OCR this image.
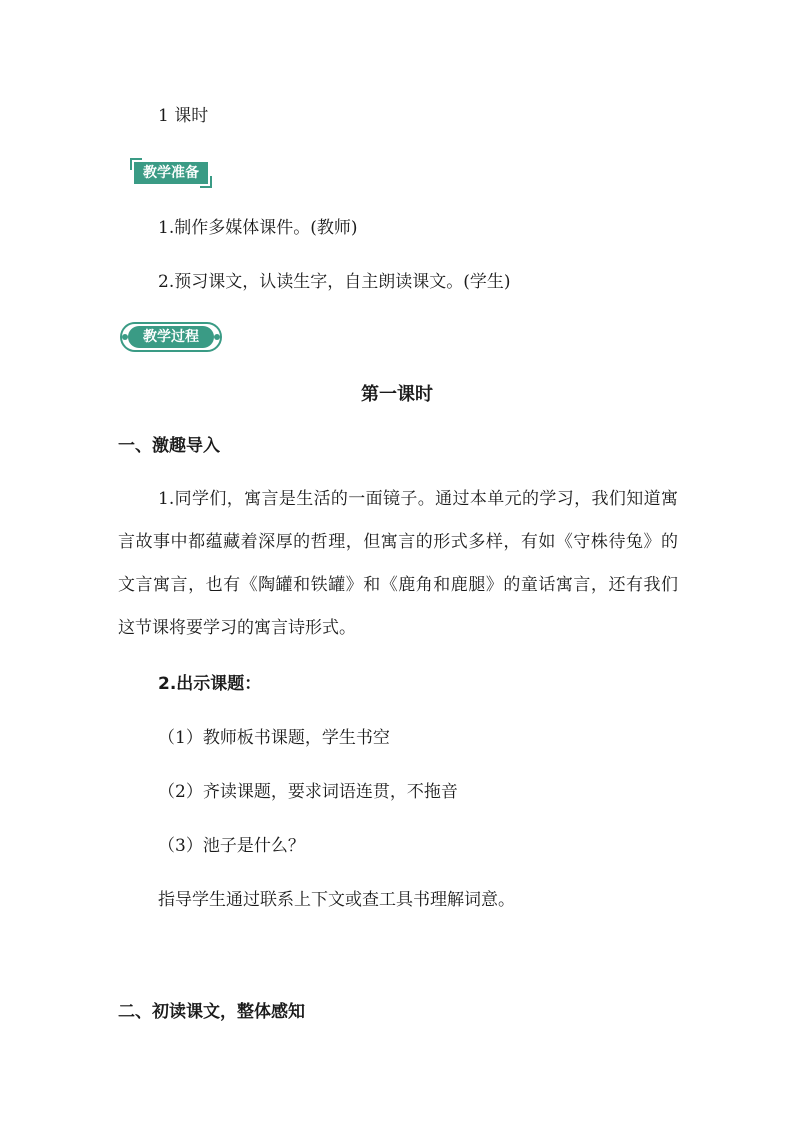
1 课时
教学准备
1.制作多媒体课件。(教师)
2.预习课文，认读生字，自主朗读课文。(学生)
教学过程
第一课时
一、激趣导入
1.同学们，寓言是生活的一面镜子。通过本单元的学习，我们知道寓言故事中都蕴藏着深厚的哲理，但寓言的形式多样，有如《守株待兔》的文言寓言，也有《陶罐和铁罐》和《鹿角和鹿腿》的童话寓言，还有我们这节课将要学习的寓言诗形式。
2.出示课题：
（1）教师板书课题，学生书空
（2）齐读课题，要求词语连贯，不拖音
（3）池子是什么？
指导学生通过联系上下文或查工具书理解词意。
二、初读课文，整体感知
